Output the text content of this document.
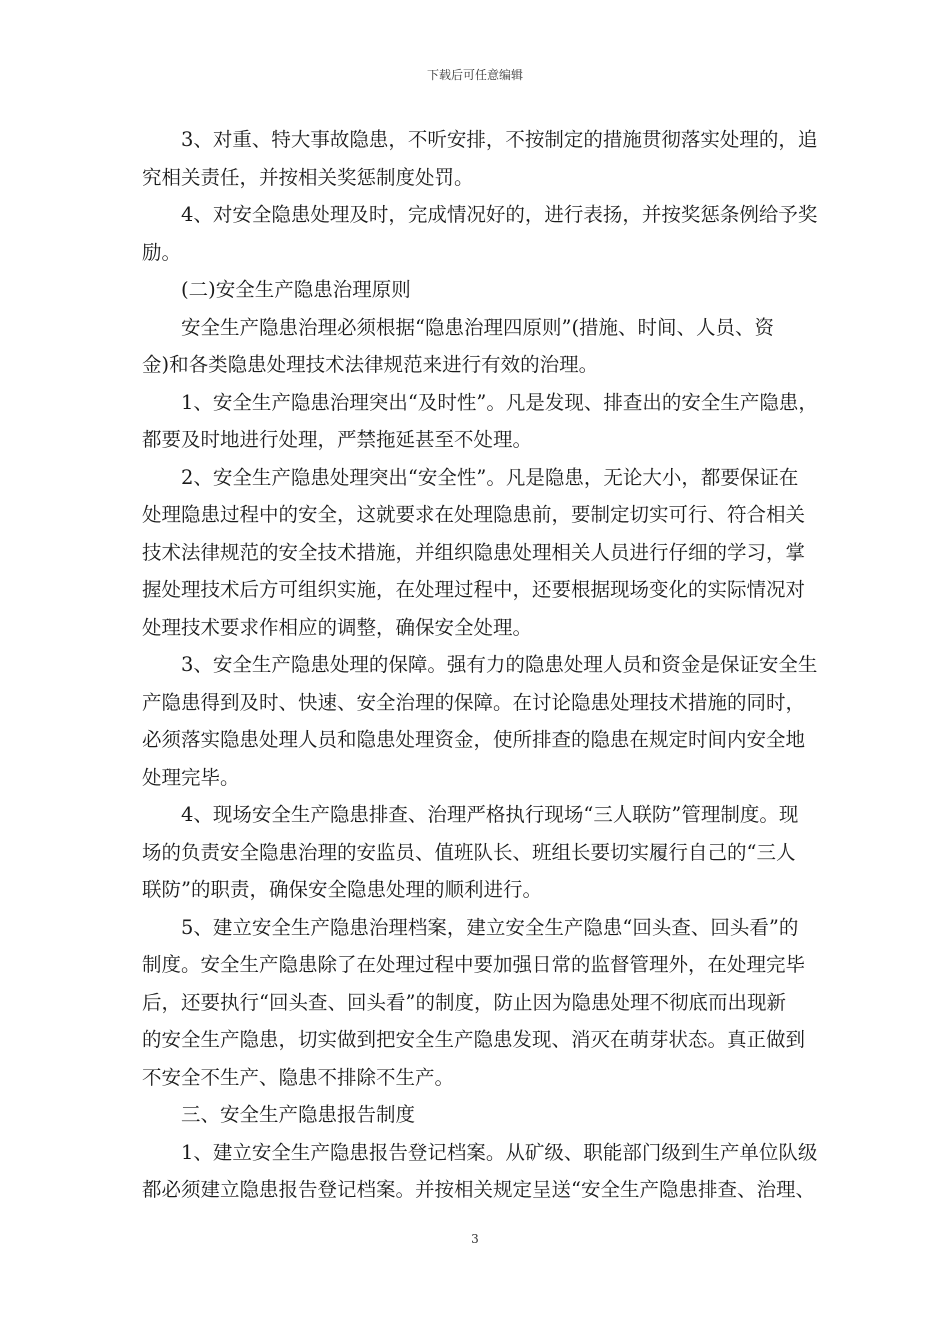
下载后可任意编辑

3、对重、特大事故隐患，不听安排，不按制定的措施贯彻落实处理的，追
究相关责任，并按相关奖惩制度处罚。

4、对安全隐患处理及时，完成情况好的，进行表扬，并按奖惩条例给予奖
励。

(二)安全生产隐患治理原则

安全生产隐患治理必须根据“隐患治理四原则”(措施、时间、人员、资
金)和各类隐患处理技术法律规范来进行有效的治理。

1、安全生产隐患治理突出“及时性”。凡是发现、排查出的安全生产隐患，
都要及时地进行处理，严禁拖延甚至不处理。

2、安全生产隐患处理突出“安全性”。凡是隐患，无论大小，都要保证在
处理隐患过程中的安全，这就要求在处理隐患前，要制定切实可行、符合相关
技术法律规范的安全技术措施，并组织隐患处理相关人员进行仔细的学习，掌
握处理技术后方可组织实施，在处理过程中，还要根据现场变化的实际情况对
处理技术要求作相应的调整，确保安全处理。

3、安全生产隐患处理的保障。强有力的隐患处理人员和资金是保证安全生
产隐患得到及时、快速、安全治理的保障。在讨论隐患处理技术措施的同时，
必须落实隐患处理人员和隐患处理资金，使所排查的隐患在规定时间内安全地
处理完毕。

4、现场安全生产隐患排查、治理严格执行现场“三人联防”管理制度。现
场的负责安全隐患治理的安监员、值班队长、班组长要切实履行自己的“三人
联防”的职责，确保安全隐患处理的顺利进行。

5、建立安全生产隐患治理档案，建立安全生产隐患“回头查、回头看”的
制度。安全生产隐患除了在处理过程中要加强日常的监督管理外，在处理完毕
后，还要执行“回头查、回头看”的制度，防止因为隐患处理不彻底而出现新
的安全生产隐患，切实做到把安全生产隐患发现、消灭在萌芽状态。真正做到
不安全不生产、隐患不排除不生产。

三、安全生产隐患报告制度

1、建立安全生产隐患报告登记档案。从矿级、职能部门级到生产单位队级
都必须建立隐患报告登记档案。并按相关规定呈送“安全生产隐患排查、治理、

3
